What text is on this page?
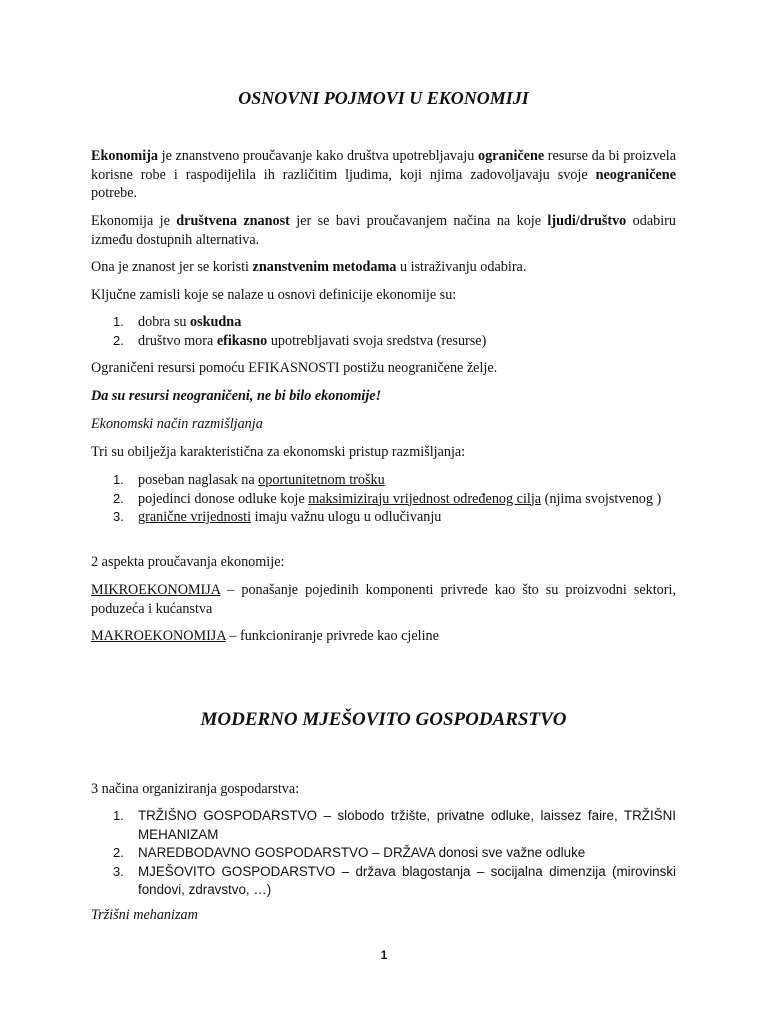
OSNOVNI POJMOVI U EKONOMIJI

Ekonomija je znanstveno proučavanje kako društva upotrebljavaju ograničene resurse da bi proizvela korisne robe i raspodijelila ih različitim ljudima, koji njima zadovoljavaju svoje neograničene potrebe.

Ekonomija je društvena znanost jer se bavi proučavanjem načina na koje ljudi/društvo odabiru između dostupnih alternativa.

Ona je znanost jer se koristi znanstvenim metodama u istraživanju odabira.

Ključne zamisli koje se nalaze u osnovi definicije ekonomije su:

1. dobra su oskudna
2. društvo mora efikasno upotrebljavati svoja sredstva (resurse)

Ograničeni resursi pomoću EFIKASNOSTI postižu neograničene želje.

Da su resursi neograničeni, ne bi bilo ekonomije!

Ekonomski način razmišljanja

Tri su obilježja karakteristična za ekonomski pristup razmišljanja:

1. poseban naglasak na oportunitetnom trošku
2. pojedinci donose odluke koje maksimiziraju vrijednost određenog cilja (njima svojstvenog )
3. granične vrijednosti imaju važnu ulogu u odlučivanju

2 aspekta proučavanja ekonomije:

MIKROEKONOMIJA – ponašanje pojedinih komponenti privrede kao što su proizvodni sektori, poduzeća i kućanstva

MAKROEKONOMIJA – funkcioniranje privrede kao cjeline

MODERNO MJEŠOVITO GOSPODARSTVO

3 načina organiziranja gospodarstva:

1. TRŽIŠNO GOSPODARSTVO – slobodo tržište, privatne odluke, laissez faire, TRŽIŠNI MEHANIZAM
2. NAREDBODAVNO GOSPODARSTVO – DRŽAVA donosi sve važne odluke
3. MJEŠOVITO GOSPODARSTVO – država blagostanja – socijalna dimenzija (mirovinski fondovi, zdravstvo, …)

Tržišni mehanizam

1
